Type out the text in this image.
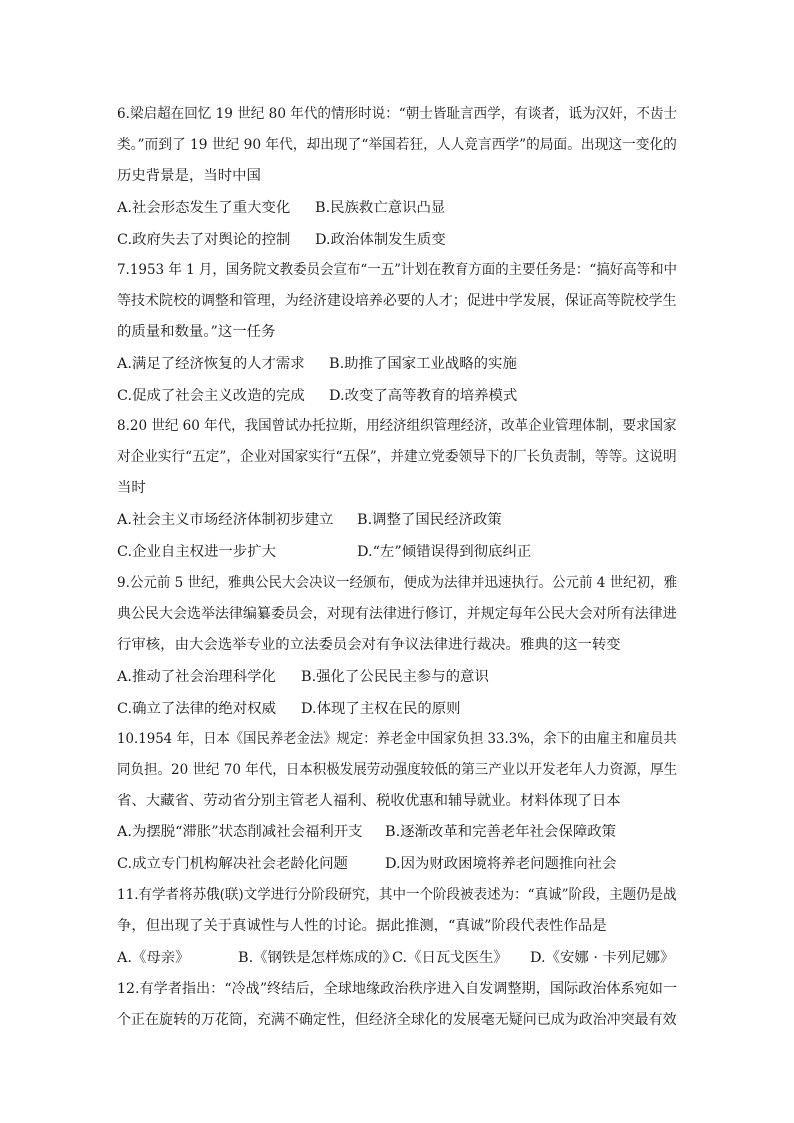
6.梁启超在回忆 19 世纪 80 年代的情形时说：“朝士皆耻言西学，有谈者，诋为汉奸，不齿士
类。”而到了 19 世纪 90 年代，却出现了“举国若狂，人人竞言西学”的局面。出现这一变化的
历史背景是，当时中国
A.社会形态发生了重大变化 B.民族救亡意识凸显
C.政府失去了对舆论的控制 D.政治体制发生质变
7.1953 年 1 月，国务院文教委员会宣布“一五”计划在教育方面的主要任务是：“搞好高等和中
等技术院校的调整和管理，为经济建设培养必要的人才；促进中学发展，保证高等院校学生
的质量和数量。”这一任务
A.满足了经济恢复的人才需求 B.助推了国家工业战略的实施
C.促成了社会主义改造的完成 D.改变了高等教育的培养模式
8.20 世纪 60 年代，我国曾试办托拉斯，用经济组织管理经济，改革企业管理体制，要求国家
对企业实行“五定”，企业对国家实行“五保”，并建立党委领导下的厂长负责制，等等。这说明
当时
A.社会主义市场经济体制初步建立 B.调整了国民经济政策
C.企业自主权进一步扩大	D.“左”倾错误得到彻底纠正
9.公元前 5 世纪，雅典公民大会决议一经颁布，便成为法律并迅速执行。公元前 4 世纪初，雅
典公民大会选举法律编纂委员会，对现有法律进行修订，并规定每年公民大会对所有法律进
行审核，由大会选举专业的立法委员会对有争议法律进行裁决。雅典的这一转变
A.推动了社会治理科学化 B.强化了公民民主参与的意识
C.确立了法律的绝对权威 D.体现了主权在民的原则
10.1954 年，日本《国民养老金法》规定：养老金中国家负担 33.3%，余下的由雇主和雇员共
同负担。20 世纪 70 年代，日本积极发展劳动强度较低的第三产业以开发老年人力资源，厚生
省、大藏省、劳动省分别主管老人福利、税收优惠和辅导就业。材料体现了日本
A.为摆脱“滞胀”状态削减社会福利开支 B.逐渐改革和完善老年社会保障政策
C.成立专门机构解决社会老龄化问题	D.因为财政困境将养老问题推向社会
11.有学者将苏俄(联)文学进行分阶段研究，其中一个阶段被表述为：“真诚”阶段，主题仍是战
争，但出现了关于真诚性与人性的讨论。据此推测，“真诚”阶段代表性作品是
A.《母亲》	B.《钢铁是怎样炼成的》
C.《日瓦戈医生》 D.《安娜 · 卡列尼娜》
12.有学者指出：“冷战”终结后，全球地缘政治秩序进入自发调整期，国际政治体系宛如一
个正在旋转的万花筒，充满不确定性，但经济全球化的发展毫无疑问已成为政治冲突最有效
